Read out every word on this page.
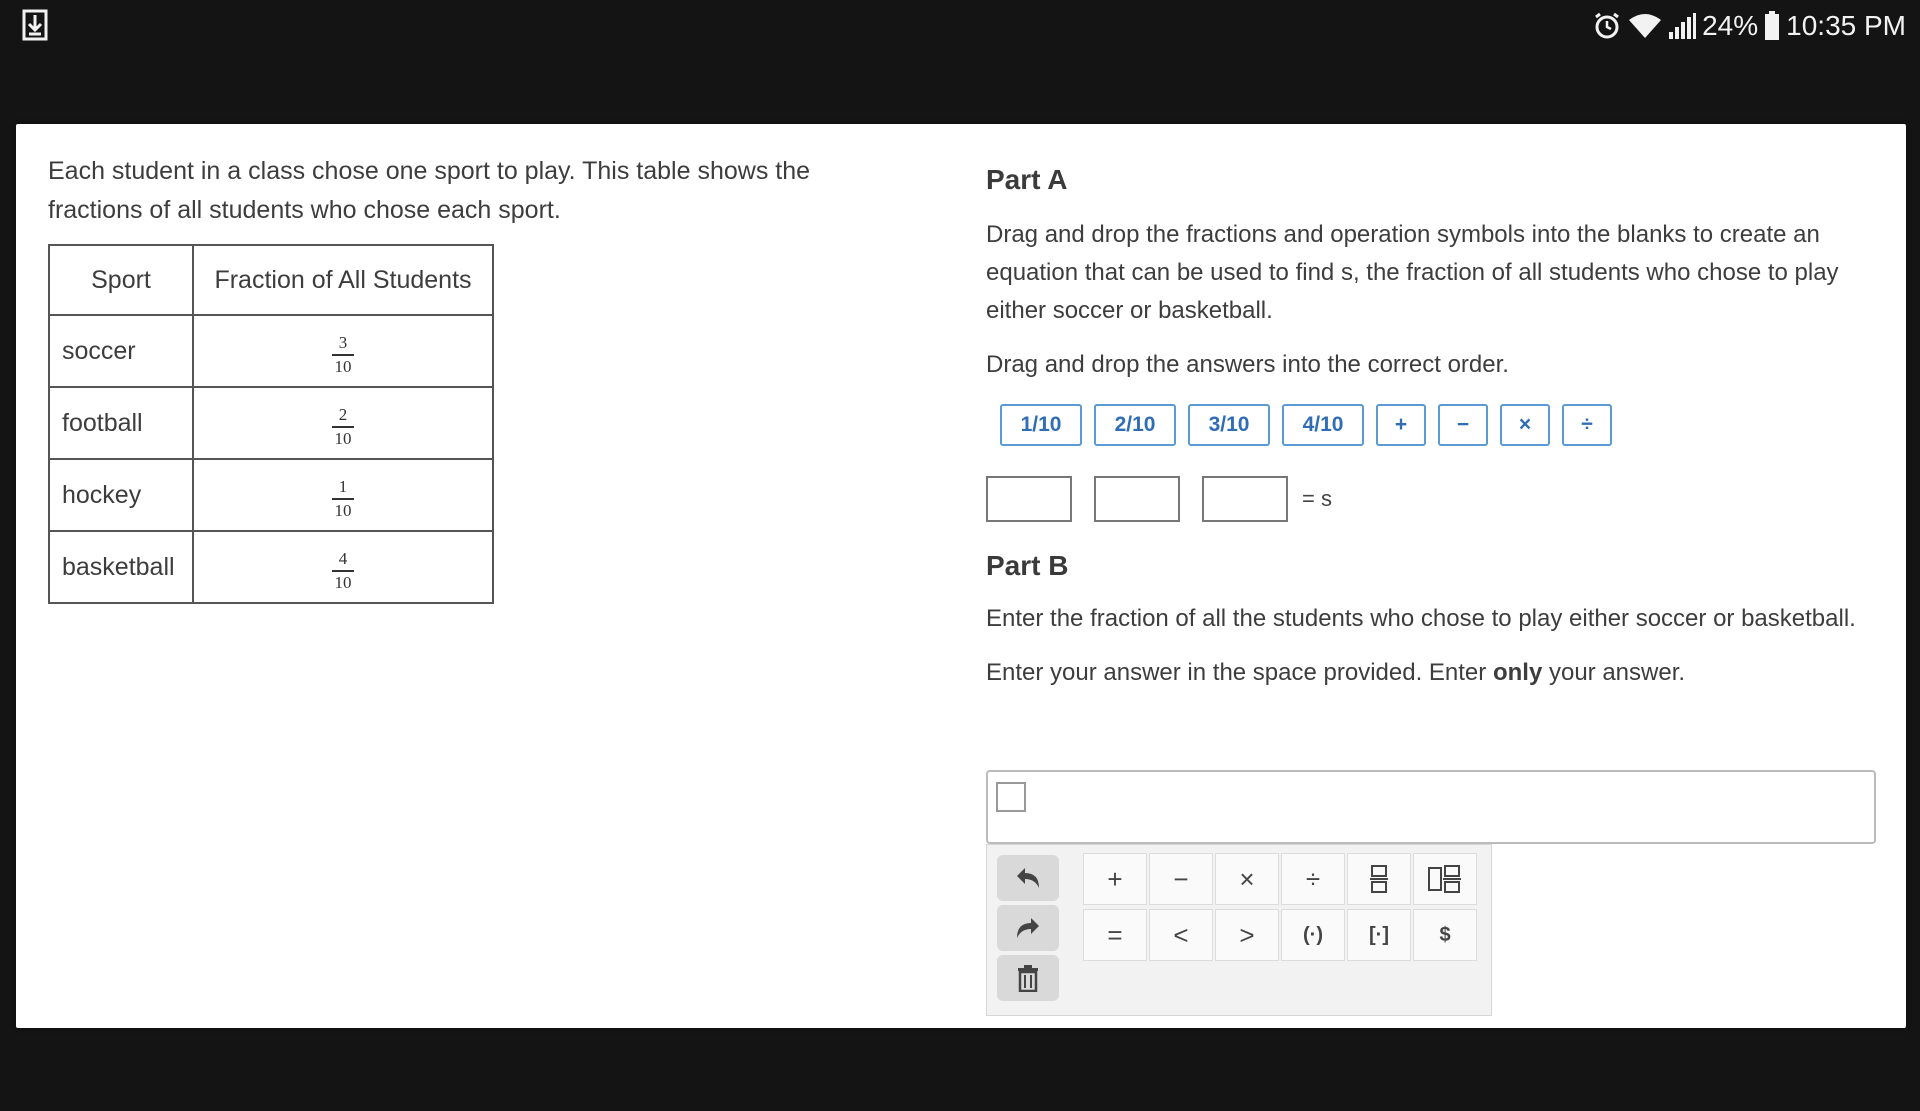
24% 10:35 PM

Each student in a class chose one sport to play. This table shows the fractions of all students who chose each sport.

Sport	Fraction of All Students
soccer	$\frac{3}{10}$

football	$\frac{2}{10}$

hockey	$\frac{1}{10}$

basketball	$\frac{4}{10}$

Part A

Drag and drop the fractions and operation symbols into the blanks to create an equation that can be used to find s, the fraction of all students who chose to play either soccer or basketball.

Drag and drop the answers into the correct order.

1/10	2/10	3/10	4/10	+	−	×	÷
= s

Part B

Enter the fraction of all the students who chose to play either soccer or basketball.

Enter your answer in the space provided. Enter only your answer.

+	−	×	÷
=	<	>	(·)	[·]	$
